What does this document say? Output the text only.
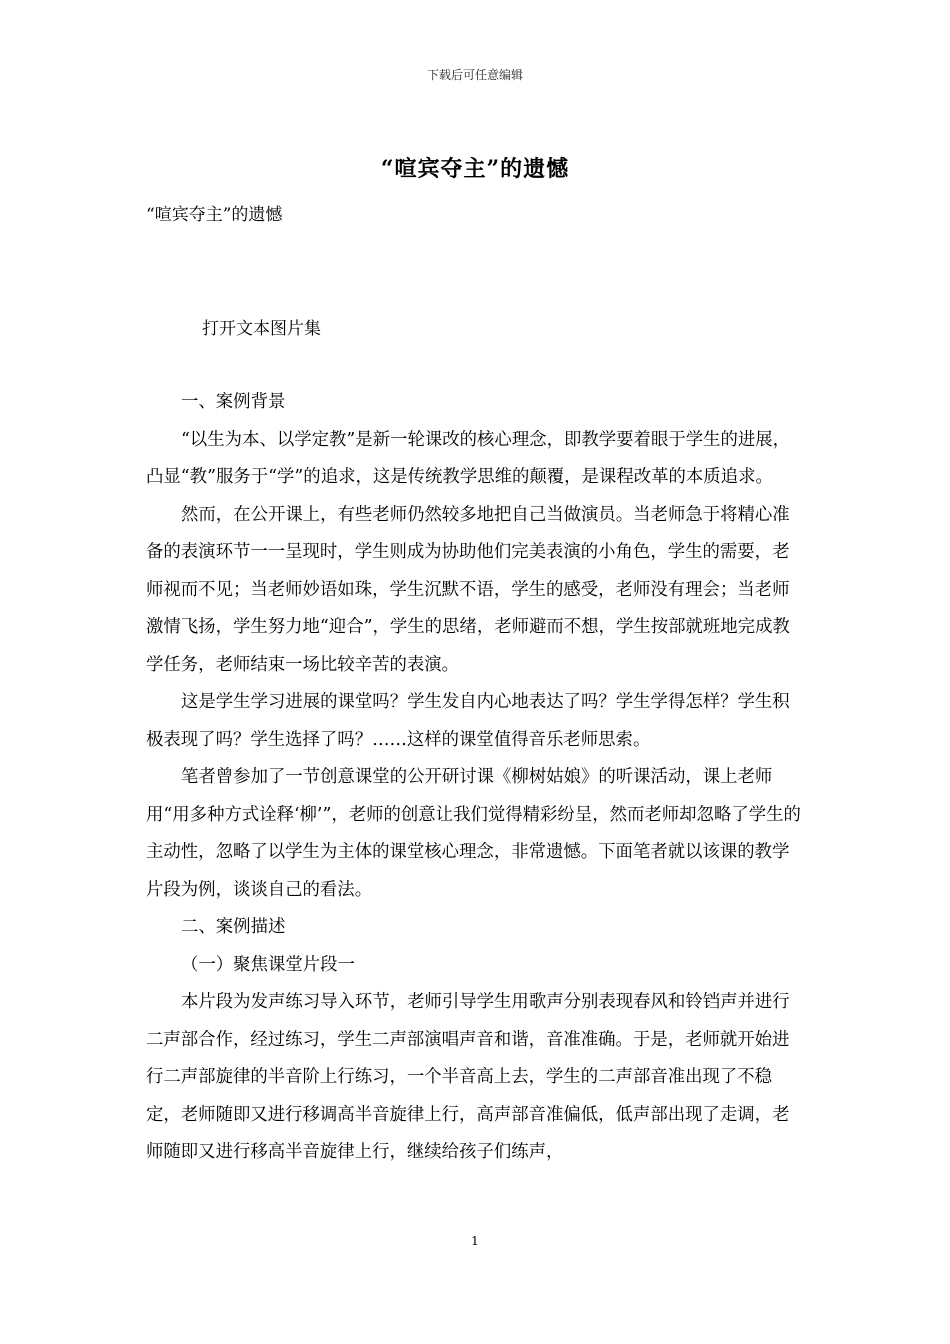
下载后可任意编辑
“喧宾夺主”的遗憾
“喧宾夺主”的遗憾
打开文本图片集

一、案例背景

“以生为本、以学定教”是新一轮课改的核心理念，即教学要着眼于学生的进展，凸显“教”服务于“学”的追求，这是传统教学思维的颠覆，是课程改革的本质追求。

然而，在公开课上，有些老师仍然较多地把自己当做演员。当老师急于将精心准备的表演环节一一呈现时，学生则成为协助他们完美表演的小角色，学生的需要，老师视而不见；当老师妙语如珠，学生沉默不语，学生的感受，老师没有理会；当老师激情飞扬，学生努力地“迎合”，学生的思绪，老师避而不想，学生按部就班地完成教学任务，老师结束一场比较辛苦的表演。

这是学生学习进展的课堂吗？学生发自内心地表达了吗？学生学得怎样？学生积极表现了吗？学生选择了吗？……这样的课堂值得音乐老师思索。

笔者曾参加了一节创意课堂的公开研讨课《柳树姑娘》的听课活动，课上老师用“用多种方式诠释‘柳’”，老师的创意让我们觉得精彩纷呈，然而老师却忽略了学生的主动性，忽略了以学生为主体的课堂核心理念，非常遗憾。下面笔者就以该课的教学片段为例，谈谈自己的看法。

二、案例描述

（一）聚焦课堂片段一

本片段为发声练习导入环节，老师引导学生用歌声分别表现春风和铃铛声并进行二声部合作，经过练习，学生二声部演唱声音和谐，音准准确。于是，老师就开始进行二声部旋律的半音阶上行练习，一个半音高上去，学生的二声部音准出现了不稳定，老师随即又进行移调高半音旋律上行，高声部音准偏低，低声部出现了走调，老师随即又进行移高半音旋律上行，继续给孩子们练声，

1
